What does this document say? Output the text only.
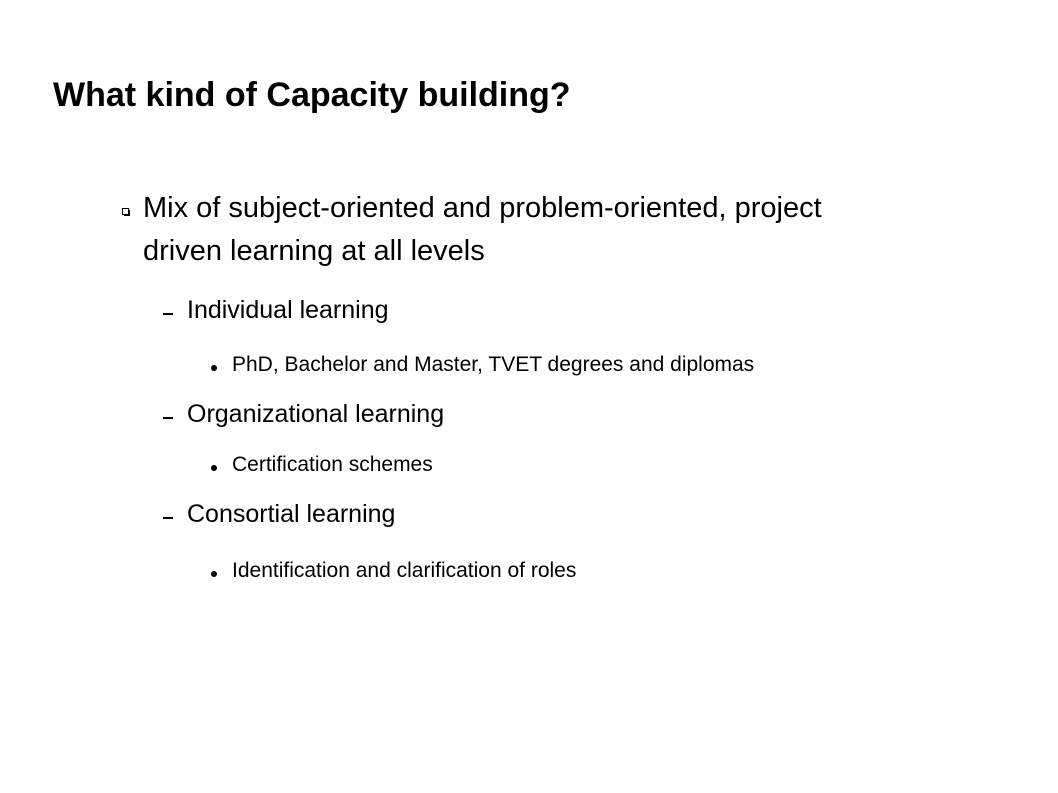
What kind of Capacity building?
Mix of subject-oriented and problem-oriented, project
driven learning at all levels
Individual learning
PhD, Bachelor and Master, TVET degrees and diplomas
Organizational learning
Certification schemes
Consortial learning
Identification and clarification of roles
